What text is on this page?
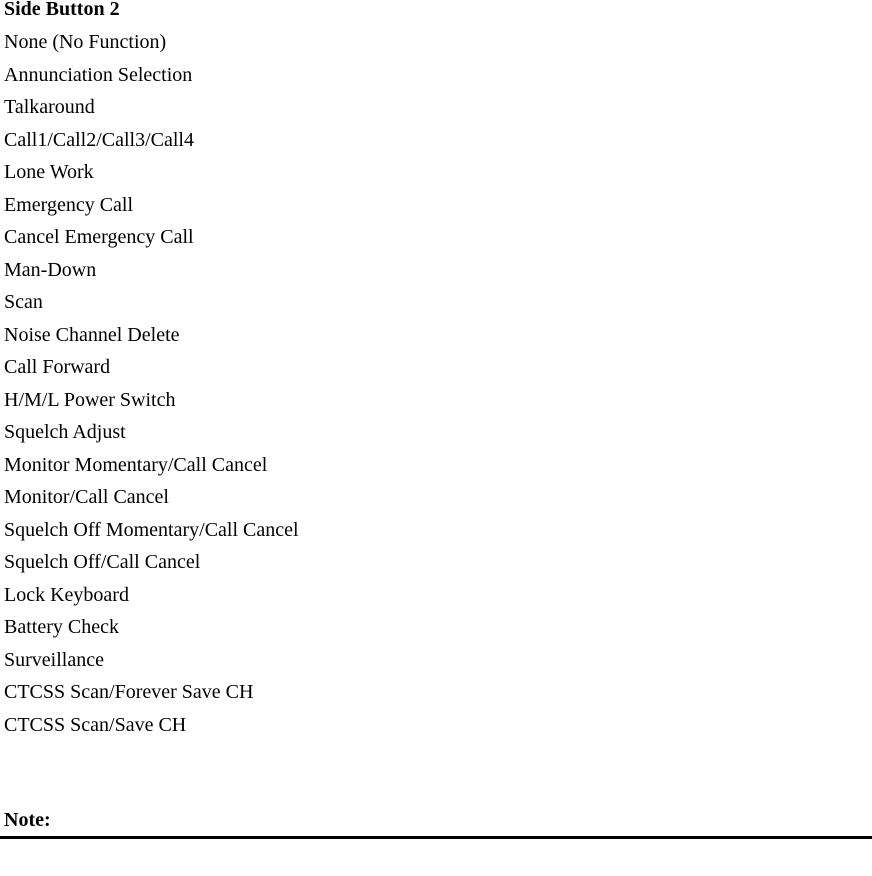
Side Button 2
None (No Function)
Annunciation Selection
Talkaround
Call1/Call2/Call3/Call4
Lone Work
Emergency Call
Cancel Emergency Call
Man-Down
Scan
Noise Channel Delete
Call Forward
H/M/L Power Switch
Squelch Adjust
Monitor Momentary/Call Cancel
Monitor/Call Cancel
Squelch Off Momentary/Call Cancel
Squelch Off/Call Cancel
Lock Keyboard
Battery Check
Surveillance
CTCSS Scan/Forever Save CH
CTCSS Scan/Save CH
Note:
